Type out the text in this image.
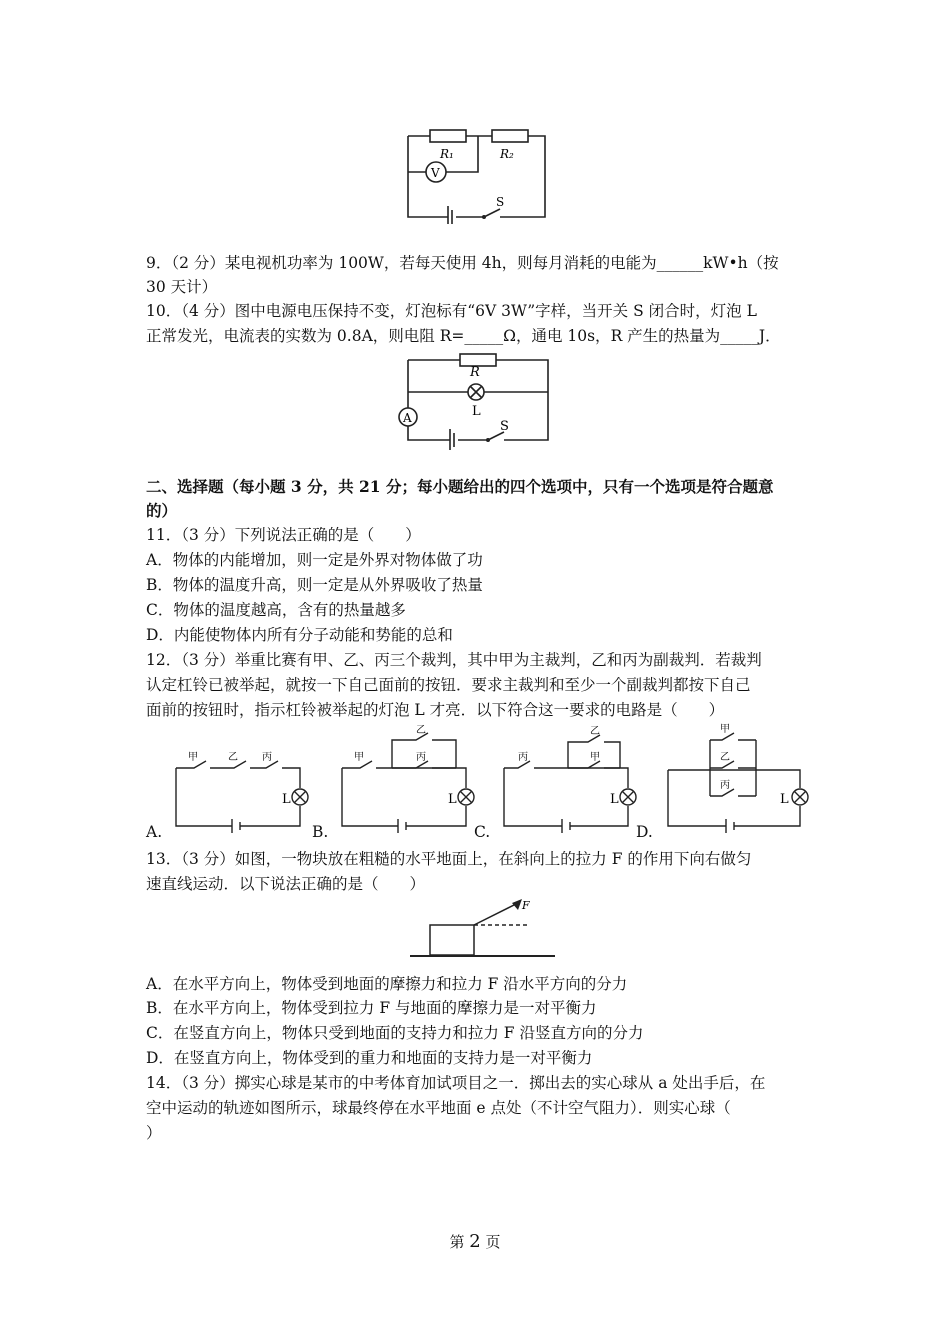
R₁	R₂
V
S
9．（2 分）某电视机功率为 100W，若每天使用 4h，则每月消耗的电能为______kW•h（按
30 天计）
10．（4 分）图中电源电压保持不变，灯泡标有“6V 3W”字样，当开关 S 闭合时，灯泡 L
正常发光，电流表的实数为 0.8A，则电阻 R=_____Ω，通电 10s，R 产生的热量为_____J．
R
L
A
S
二、选择题（每小题 3 分，共 21 分；每小题给出的四个选项中，只有一个选项是符合题意
的）
11．（3 分）下列说法正确的是（　　）
A．物体的内能增加，则一定是外界对物体做了功
B．物体的温度升高，则一定是从外界吸收了热量
C．物体的温度越高，含有的热量越多
D．内能使物体内所有分子动能和势能的总和
12．（3 分）举重比赛有甲、乙、丙三个裁判，其中甲为主裁判，乙和丙为副裁判．若裁判
认定杠铃已被举起，就按一下自己面前的按钮．要求主裁判和至少一个副裁判都按下自己
面前的按钮时，指示杠铃被举起的灯泡 L 才亮．以下符合这一要求的电路是（　　）
甲	乙 丙
L
甲
乙
丙
L
丙
乙
甲
L
甲
乙
丙
L
A.	B.	C.	D.
13．（3 分）如图，一物块放在粗糙的水平地面上，在斜向上的拉力 F 的作用下向右做匀
速直线运动．以下说法正确的是（　　）
F
A．在水平方向上，物体受到地面的摩擦力和拉力 F 沿水平方向的分力
B．在水平方向上，物体受到拉力 F 与地面的摩擦力是一对平衡力
C．在竖直方向上，物体只受到地面的支持力和拉力 F 沿竖直方向的分力
D．在竖直方向上，物体受到的重力和地面的支持力是一对平衡力
14．（3 分）掷实心球是某市的中考体育加试项目之一．掷出去的实心球从 a 处出手后，在
空中运动的轨迹如图所示，球最终停在水平地面 e 点处（不计空气阻力）．则实心球（
）
第 2 页
